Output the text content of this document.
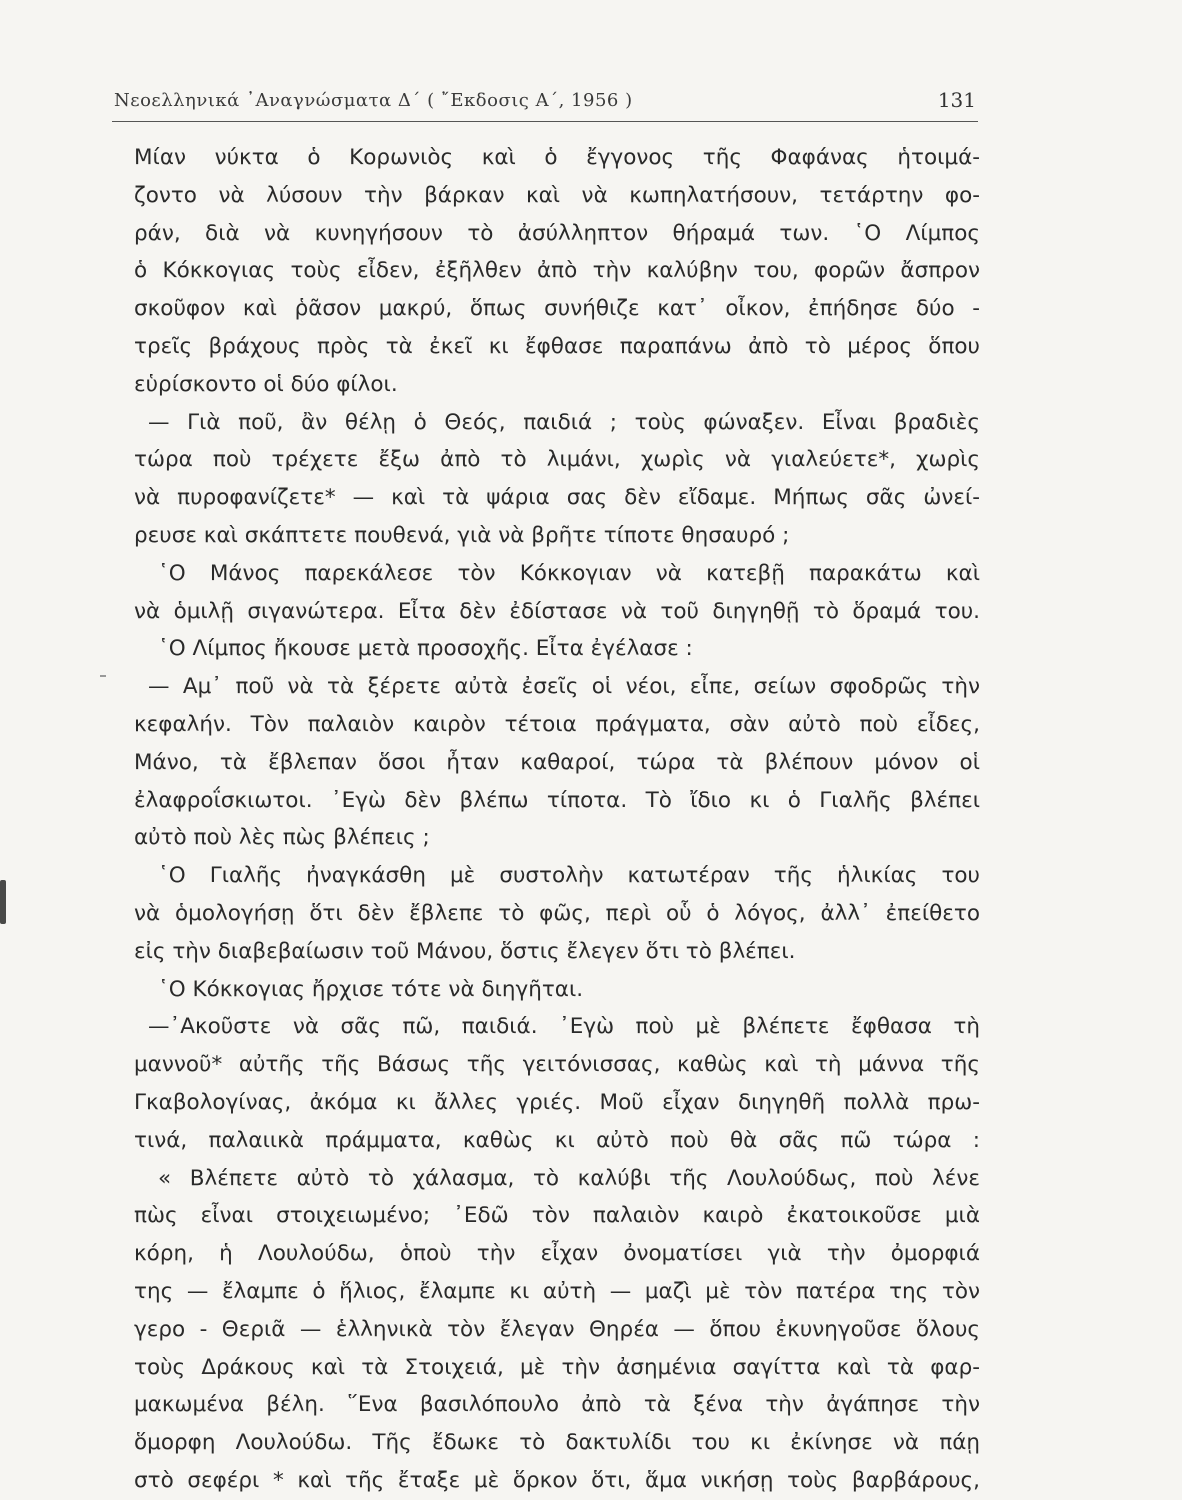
Νεοελληνικά ᾿Αναγνώσματα Δ΄ ( ῎Εκδοσις Α΄, 1956 )	131
Μίαν νύκτα ὁ Κορωνιὸς καὶ ὁ ἔγγονος τῆς Φαφάνας ἡτοιμά-
ζοντο νὰ λύσουν τὴν βάρκαν καὶ νὰ κωπηλατήσουν, τετάρτην φο-
ράν, διὰ νὰ κυνηγήσουν τὸ ἀσύλληπτον θήραμά των. ῾Ο Λίμπος
ὁ Κόκκογιας τοὺς εἶδεν, ἐξῆλθεν ἀπὸ τὴν καλύβην του, φορῶν ἄσπρον
σκοῦφον καὶ ῥᾶσον μακρύ, ὅπως συνήθιζε κατ᾿ οἶκον, ἐπήδησε δύο -
τρεῖς βράχους πρὸς τὰ ἐκεῖ κι ἔφθασε παραπάνω ἀπὸ τὸ μέρος ὅπου
εὑρίσκοντο οἱ δύο φίλοι.
— Γιὰ ποῦ, ἂν θέλῃ ὁ Θεός, παιδιά ; τοὺς φώναξεν. Εἶναι βραδιὲς
τώρα ποὺ τρέχετε ἔξω ἀπὸ τὸ λιμάνι, χωρὶς νὰ γιαλεύετε*, χωρὶς
νὰ πυροφανίζετε* — καὶ τὰ ψάρια σας δὲν εἴδαμε. Μήπως σᾶς ὠνεί-
ρευσε καὶ σκάπτετε πουθενά, γιὰ νὰ βρῆτε τίποτε θησαυρό ;
῾Ο Μάνος παρεκάλεσε τὸν Κόκκογιαν νὰ κατεβῇ παρακάτω καὶ
νὰ ὁμιλῇ σιγανώτερα. Εἶτα δὲν ἐδίστασε νὰ τοῦ διηγηθῇ τὸ ὅραμά του.
῾Ο Λίμπος ἤκουσε μετὰ προσοχῆς. Εἶτα ἐγέλασε :
— Αμ᾿ ποῦ νὰ τὰ ξέρετε αὐτὰ ἐσεῖς οἱ νέοι, εἶπε, σείων σφοδρῶς τὴν
κεφαλήν. Τὸν παλαιὸν καιρὸν τέτοια πράγματα, σὰν αὐτὸ ποὺ εἶδες,
Μάνο, τὰ ἔβλεπαν ὅσοι ἦταν καθαροί, τώρα τὰ βλέπουν μόνον οἱ
ἐλαφροΐσκιωτοι. ᾿Εγὼ δὲν βλέπω τίποτα. Τὸ ἴδιο κι ὁ Γιαλῆς βλέπει
αὐτὸ ποὺ λὲς πὼς βλέπεις ;
῾Ο Γιαλῆς ἠναγκάσθη μὲ συστολὴν κατωτέραν τῆς ἡλικίας του
νὰ ὁμολογήσῃ ὅτι δὲν ἔβλεπε τὸ φῶς, περὶ οὗ ὁ λόγος, ἀλλ᾿ ἐπείθετο
εἰς τὴν διαβεβαίωσιν τοῦ Μάνου, ὅστις ἔλεγεν ὅτι τὸ βλέπει.
῾Ο Κόκκογιας ἤρχισε τότε νὰ διηγῆται.
—᾿Ακοῦστε νὰ σᾶς πῶ, παιδιά. ᾿Εγὼ ποὺ μὲ βλέπετε ἔφθασα τὴ
μαννοῦ* αὐτῆς τῆς Βάσως τῆς γειτόνισσας, καθὼς καὶ τὴ μάννα τῆς
Γκαβολογίνας, ἀκόμα κι ἄλλες γριές. Μοῦ εἶχαν διηγηθῆ πολλὰ πρω-
τινά, παλαιικὰ πράμματα, καθὼς κι αὐτὸ ποὺ θὰ σᾶς πῶ τώρα :
« Βλέπετε αὐτὸ τὸ χάλασμα, τὸ καλύβι τῆς Λουλούδως, ποὺ λένε
πὼς εἶναι στοιχειωμένο; ᾿Εδῶ τὸν παλαιὸν καιρὸ ἐκατοικοῦσε μιὰ
κόρη, ἡ Λουλούδω, ὁποὺ τὴν εἶχαν ὀνοματίσει γιὰ τὴν ὀμορφιά
της — ἔλαμπε ὁ ἥλιος, ἔλαμπε κι αὐτὴ — μαζὶ μὲ τὸν πατέρα της τὸν
γερο - Θεριᾶ — ἑλληνικὰ τὸν ἔλεγαν Θηρέα — ὅπου ἐκυνηγοῦσε ὅλους
τοὺς Δράκους καὶ τὰ Στοιχειά, μὲ τὴν ἀσημένια σαγίττα καὶ τὰ φαρ-
μακωμένα βέλη. ῞Ενα βασιλόπουλο ἀπὸ τὰ ξένα τὴν ἀγάπησε τὴν
ὅμορφη Λουλούδω. Τῆς ἔδωκε τὸ δακτυλίδι του κι ἐκίνησε νὰ πάῃ
στὸ σεφέρι * καὶ τῆς ἔταξε μὲ ὅρκον ὅτι, ἅμα νικήσῃ τοὺς βαρβάρους,
